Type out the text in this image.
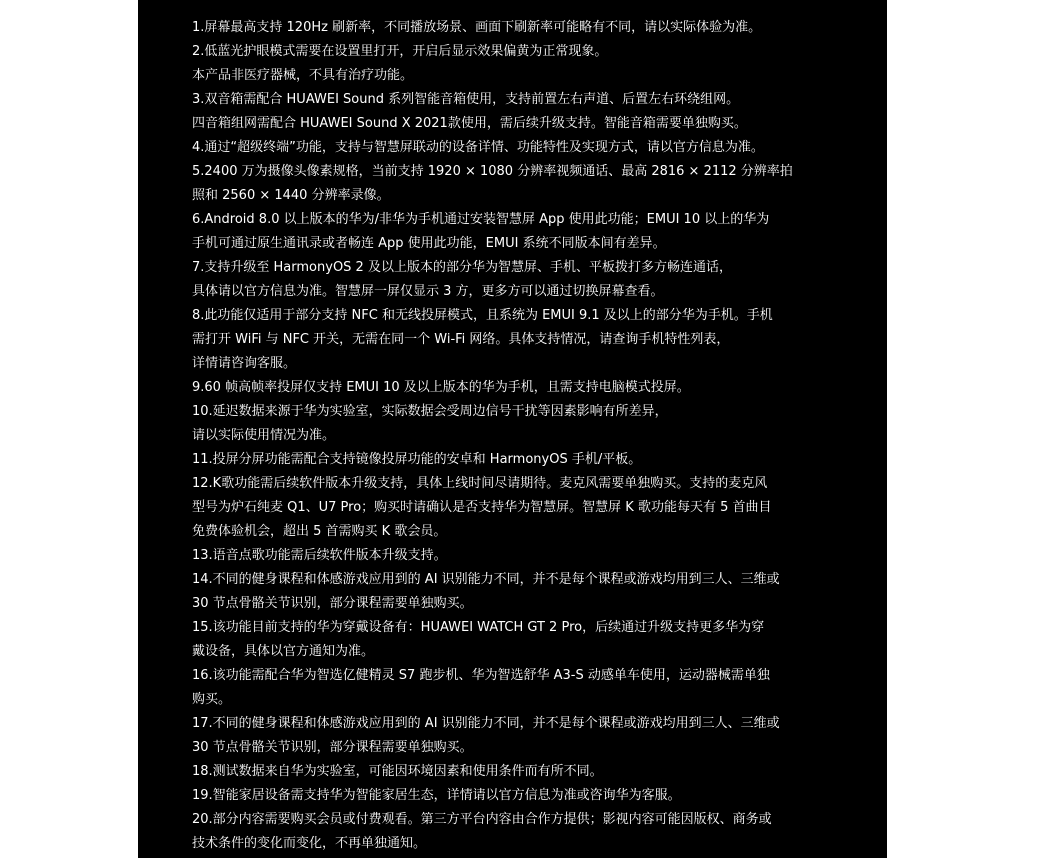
1.屏幕最高支持 120Hz 刷新率，不同播放场景、画面下刷新率可能略有不同，请以实际体验为准。
2.低蓝光护眼模式需要在设置里打开，开启后显示效果偏黄为正常现象。
本产品非医疗器械，不具有治疗功能。
3.双音箱需配合 HUAWEI Sound 系列智能音箱使用，支持前置左右声道、后置左右环绕组网。
四音箱组网需配合 HUAWEI Sound X 2021款使用，需后续升级支持。智能音箱需要单独购买。
4.通过“超级终端”功能，支持与智慧屏联动的设备详情、功能特性及实现方式，请以官方信息为准。
5.2400 万为摄像头像素规格，当前支持 1920 × 1080 分辨率视频通话、最高 2816 × 2112 分辨率拍
照和 2560 × 1440 分辨率录像。
6.Android 8.0 以上版本的华为/非华为手机通过安装智慧屏 App 使用此功能；EMUI 10 以上的华为
手机可通过原生通讯录或者畅连 App 使用此功能，EMUI 系统不同版本间有差异。
7.支持升级至 HarmonyOS 2 及以上版本的部分华为智慧屏、手机、平板拨打多方畅连通话，
具体请以官方信息为准。智慧屏一屏仅显示 3 方，更多方可以通过切换屏幕查看。
8.此功能仅适用于部分支持 NFC 和无线投屏模式，且系统为 EMUI 9.1 及以上的部分华为手机。手机
需打开 WiFi 与 NFC 开关，无需在同一个 Wi-Fi 网络。具体支持情况，请查询手机特性列表，
详情请咨询客服。
9.60 帧高帧率投屏仅支持 EMUI 10 及以上版本的华为手机，且需支持电脑模式投屏。
10.延迟数据来源于华为实验室，实际数据会受周边信号干扰等因素影响有所差异，
请以实际使用情况为准。
11.投屏分屏功能需配合支持镜像投屏功能的安卓和 HarmonyOS 手机/平板。
12.K歌功能需后续软件版本升级支持，具体上线时间尽请期待。麦克风需要单独购买。支持的麦克风
型号为炉石纯麦 Q1、U7 Pro；购买时请确认是否支持华为智慧屏。智慧屏 K 歌功能每天有 5 首曲目
免费体验机会，超出 5 首需购买 K 歌会员。
13.语音点歌功能需后续软件版本升级支持。
14.不同的健身课程和体感游戏应用到的 AI 识别能力不同，并不是每个课程或游戏均用到三人、三维或
30 节点骨骼关节识别，部分课程需要单独购买。
15.该功能目前支持的华为穿戴设备有：HUAWEI WATCH GT 2 Pro，后续通过升级支持更多华为穿
戴设备，具体以官方通知为准。
16.该功能需配合华为智选亿健精灵 S7 跑步机、华为智选舒华 A3-S 动感单车使用，运动器械需单独
购买。
17.不同的健身课程和体感游戏应用到的 AI 识别能力不同，并不是每个课程或游戏均用到三人、三维或
30 节点骨骼关节识别，部分课程需要单独购买。
18.测试数据来自华为实验室，可能因环境因素和使用条件而有所不同。
19.智能家居设备需支持华为智能家居生态，详情请以官方信息为准或咨询华为客服。
20.部分内容需要购买会员或付费观看。第三方平台内容由合作方提供；影视内容可能因版权、商务或
技术条件的变化而变化，不再单独通知。
